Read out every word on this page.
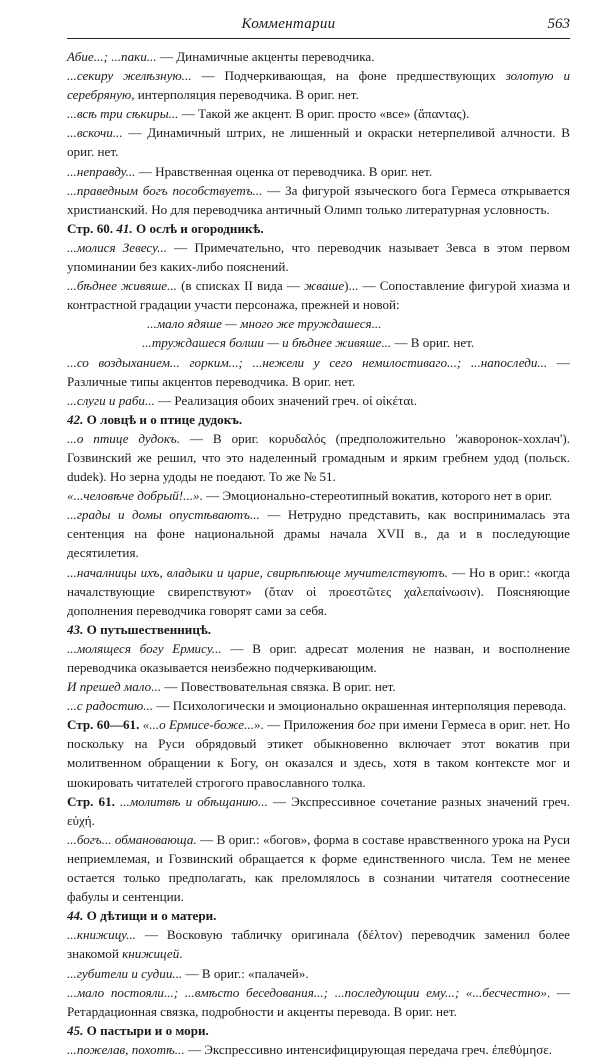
Комментарии	563

Абие...; ...паки... — Динамичные акценты переводчика.

...секиру желѣзную... — Подчеркивающая, на фоне предшествующих золотую и серебряную, интерполяция переводчика. В ориг. нет.

...всѣ три сѣкиры... — Такой же акцент. В ориг. просто «все» (ἅπαντας).

...вскочи... — Динамичный штрих, не лишенный и окраски нетерпеливой алчности. В ориг. нет.

...неправду... — Нравственная оценка от переводчика. В ориг. нет.

...праведным богъ пособствуетъ... — За фигурой языческого бога Гермеса открывается христианский. Но для переводчика античный Олимп только литературная условность.

Стр. 60. 41. О ослѣ и огородникѣ.

...молися Зевесу... — Примечательно, что переводчик называет Зевса в этом первом упоминании без каких-либо пояснений.

...бѣднее живяше... (в списках II вида — жваше)... — Сопоставление фигурой хиазма и контрастной градации участи персонажа, прежней и новой:

...мало ядяше — много же труждашеся...

...труждашеся болши — и бѣднее живяше... — В ориг. нет.

...со воздыханием... горким...; ...нежели у сего немилостиваго...; ...напоследи... — Различные типы акцентов переводчика. В ориг. нет.

...слуги и раби... — Реализация обоих значений греч. οἱ οἰκέται.

42. О ловцѣ и о птице дудокъ.

...о птице дудокъ. — В ориг. κορυδαλός (предположительно 'жаворонок-хохлач'). Гозвинский же решил, что это наделенный громадным и ярким гребнем удод (польск. dudek). Но зерна удоды не поедают. То же № 51.

«...человѣче добрый!...». — Эмоционально-стереотипный вокатив, которого нет в ориг.

...грады и домы опустѣваютъ... — Нетрудно представить, как воспринималась эта сентенция на фоне национальной драмы начала XVII в., да и в последующие десятилетия.

...началницы ихъ, владыки и царие, свирѣпѣюще мучителствуютъ. — Но в ориг.: «когда началствующие свирепствуют» (ὅταν οἱ προεστῶτες χαλεπαίνωσιν). Поясняющие дополнения переводчика говорят сами за себя.

43. О путьшественницѣ.

...молящеся богу Ермису... — В ориг. адресат моления не назван, и восполнение переводчика оказывается неизбежно подчеркивающим.

И прешед мало... — Повествовательная связка. В ориг. нет.

...с радостию... — Психологически и эмоционально окрашенная интерполяция перевода.

Стр. 60—61. «...о Ермисе-боже...». — Приложения бог при имени Гермеса в ориг. нет. Но поскольку на Руси обрядовый этикет обыкновенно включает этот вокатив при молитвенном обращении к Богу, он оказался и здесь, хотя в таком контексте мог и шокировать читателей строгого православного толка.

Стр. 61. ...молитвѣ и обѣщанию... — Экспрессивное сочетание разных значений греч. εὐχή.

...богъ... обмановающа. — В ориг.: «богов», форма в составе нравственного урока на Руси неприемлемая, и Гозвинский обращается к форме единственного числа. Тем не менее остается только предполагать, как преломлялось в сознании читателя соотнесение фабулы и сентенции.

44. О дѣтищи и о матери.

...книжицу... — Восковую табличку оригинала (δέλτον) переводчик заменил более знакомой книжицей.

...губители и судии... — В ориг.: «палачей».

...мало постояли...; ...вмѣсто беседования...; ...последующии ему...; «...бесчестно». — Ретардационная связка, подробности и акценты перевода. В ориг. нет.

45. О пастыри и о мори.

...пожелав, похотѣ... — Экспрессивно интенсифицирующая передача греч. ἐπεθύμησε.
